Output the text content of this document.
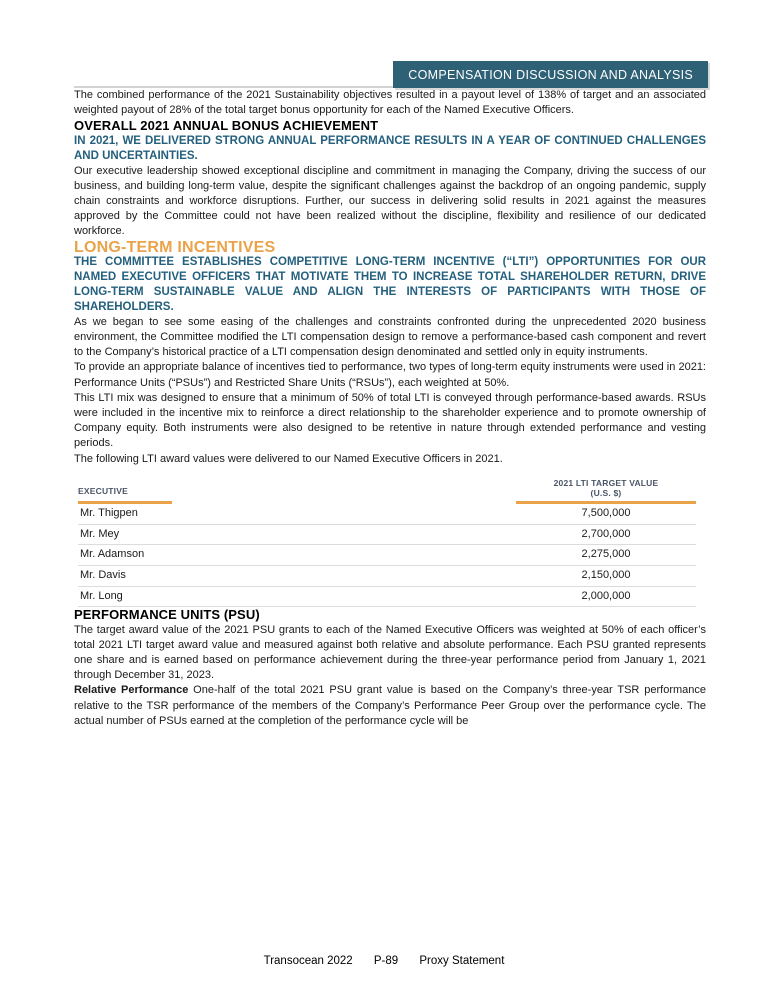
COMPENSATION DISCUSSION AND ANALYSIS

The combined performance of the 2021 Sustainability objectives resulted in a payout level of 138% of target and an associated weighted payout of 28% of the total target bonus opportunity for each of the Named Executive Officers.

OVERALL 2021 ANNUAL BONUS ACHIEVEMENT

IN 2021, WE DELIVERED STRONG ANNUAL PERFORMANCE RESULTS IN A YEAR OF CONTINUED CHALLENGES AND UNCERTAINTIES.

Our executive leadership showed exceptional discipline and commitment in managing the Company, driving the success of our business, and building long-term value, despite the significant challenges against the backdrop of an ongoing pandemic, supply chain constraints and workforce disruptions. Further, our success in delivering solid results in 2021 against the measures approved by the Committee could not have been realized without the discipline, flexibility and resilience of our dedicated workforce.

LONG-TERM INCENTIVES

THE COMMITTEE ESTABLISHES COMPETITIVE LONG-TERM INCENTIVE (“LTI”) OPPORTUNITIES FOR OUR NAMED EXECUTIVE OFFICERS THAT MOTIVATE THEM TO INCREASE TOTAL SHAREHOLDER RETURN, DRIVE LONG-TERM SUSTAINABLE VALUE AND ALIGN THE INTERESTS OF PARTICIPANTS WITH THOSE OF SHAREHOLDERS.

As we began to see some easing of the challenges and constraints confronted during the unprecedented 2020 business environment, the Committee modified the LTI compensation design to remove a performance-based cash component and revert to the Company’s historical practice of a LTI compensation design denominated and settled only in equity instruments.

To provide an appropriate balance of incentives tied to performance, two types of long-term equity instruments were used in 2021: Performance Units (“PSUs”) and Restricted Share Units (“RSUs”), each weighted at 50%.

This LTI mix was designed to ensure that a minimum of 50% of total LTI is conveyed through performance-based awards. RSUs were included in the incentive mix to reinforce a direct relationship to the shareholder experience and to promote ownership of Company equity. Both instruments were also designed to be retentive in nature through extended performance and vesting periods.

The following LTI award values were delivered to our Named Executive Officers in 2021.

EXECUTIVE	2021 LTI TARGET VALUE
(U.S. $)

Mr. Thigpen	7,500,000
Mr. Mey	2,700,000
Mr. Adamson	2,275,000
Mr. Davis	2,150,000
Mr. Long	2,000,000

PERFORMANCE UNITS (PSU)

The target award value of the 2021 PSU grants to each of the Named Executive Officers was weighted at 50% of each officer’s total 2021 LTI target award value and measured against both relative and absolute performance. Each PSU granted represents one share and is earned based on performance achievement during the three-year performance period from January 1, 2021 through December 31, 2023.

Relative Performance One-half of the total 2021 PSU grant value is based on the Company’s three-year TSR performance relative to the TSR performance of the members of the Company’s Performance Peer Group over the performance cycle. The actual number of PSUs earned at the completion of the performance cycle will be

Transocean 2022 P-89 Proxy Statement
